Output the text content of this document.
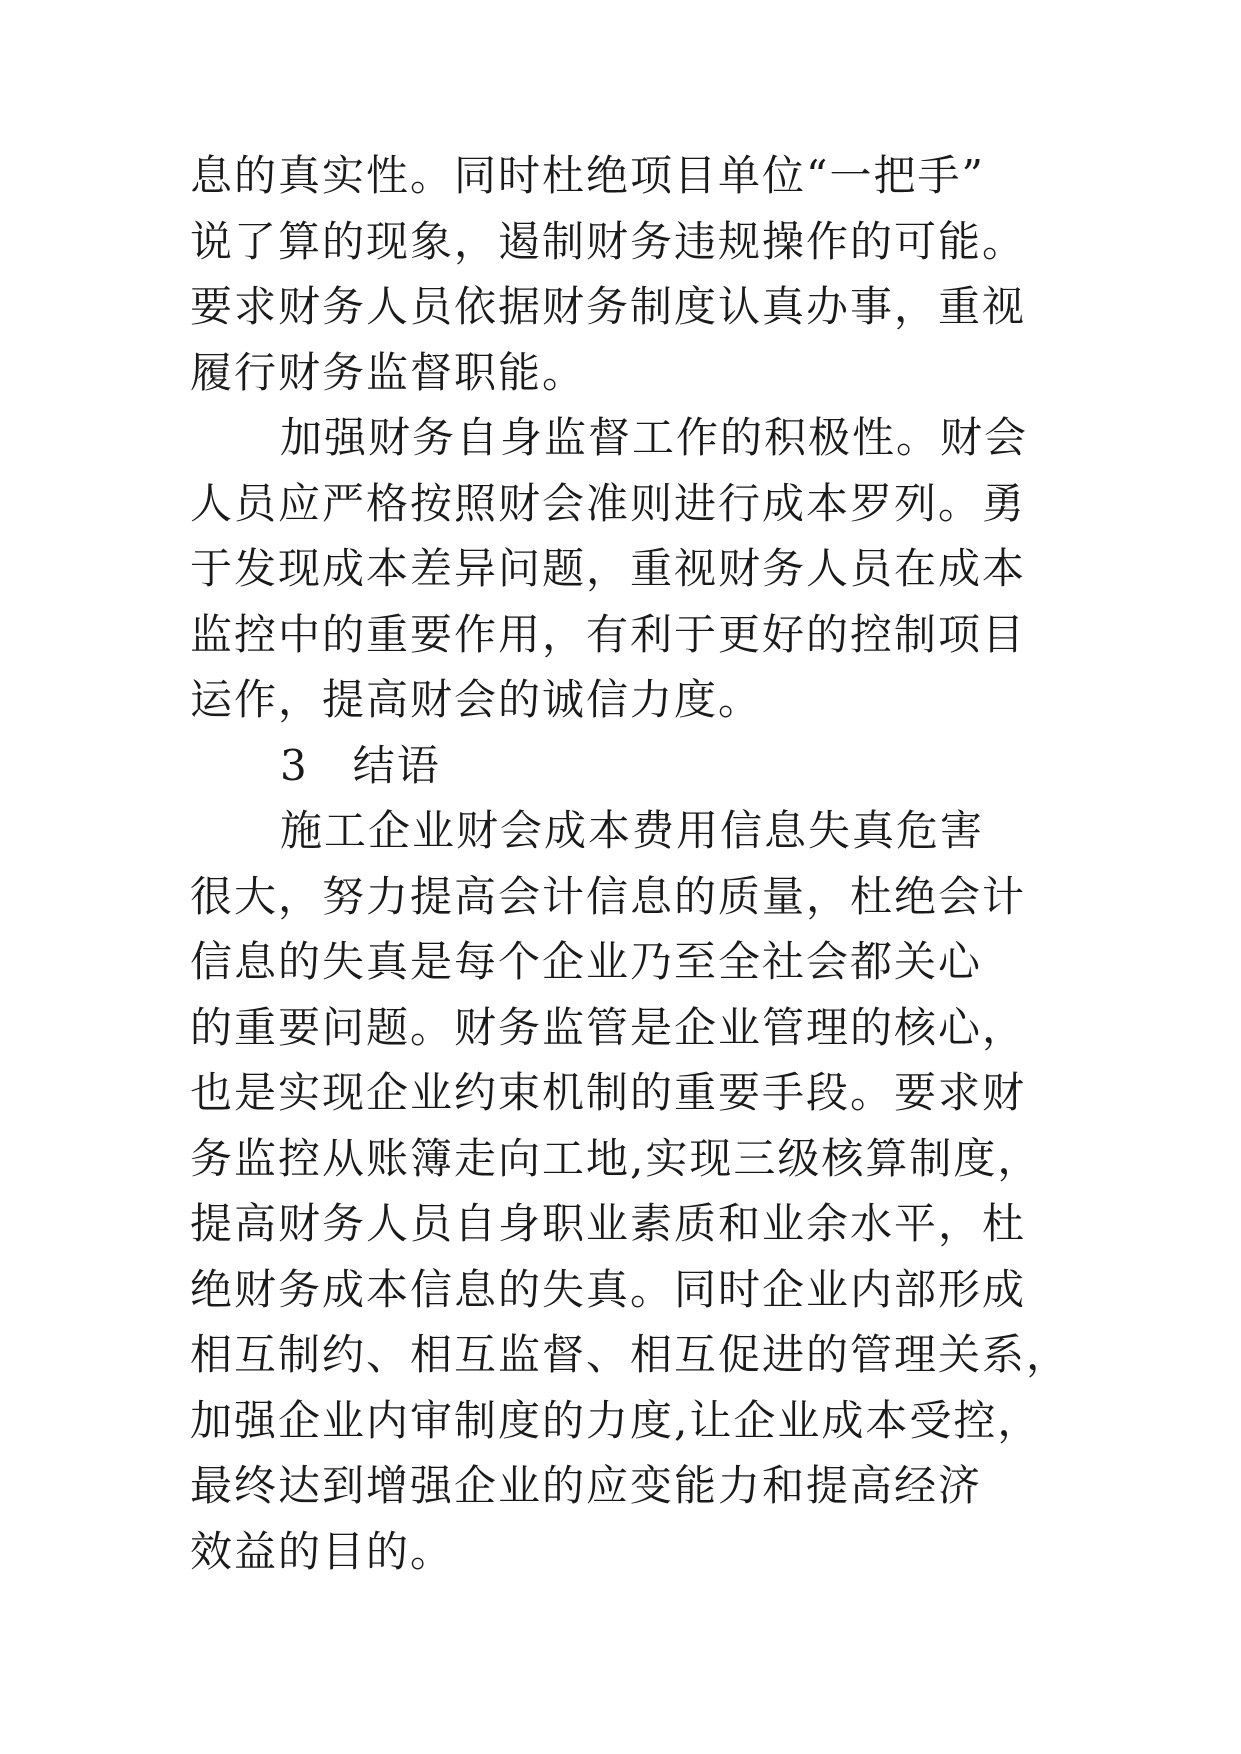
息的真实性。同时杜绝项目单位“一把手”
说了算的现象，遏制财务违规操作的可能。
要求财务人员依据财务制度认真办事，重视
履行财务监督职能。
加强财务自身监督工作的积极性。财会
人员应严格按照财会准则进行成本罗列。勇
于发现成本差异问题，重视财务人员在成本
监控中的重要作用，有利于更好的控制项目
运作，提高财会的诚信力度。
3　结语
施工企业财会成本费用信息失真危害
很大，努力提高会计信息的质量，杜绝会计
信息的失真是每个企业乃至全社会都关心
的重要问题。财务监管是企业管理的核心，
也是实现企业约束机制的重要手段。要求财
务监控从账簿走向工地,实现三级核算制度，
提高财务人员自身职业素质和业余水平，杜
绝财务成本信息的失真。同时企业内部形成
相互制约、相互监督、相互促进的管理关系，
加强企业内审制度的力度,让企业成本受控，
最终达到增强企业的应变能力和提高经济
效益的目的。
